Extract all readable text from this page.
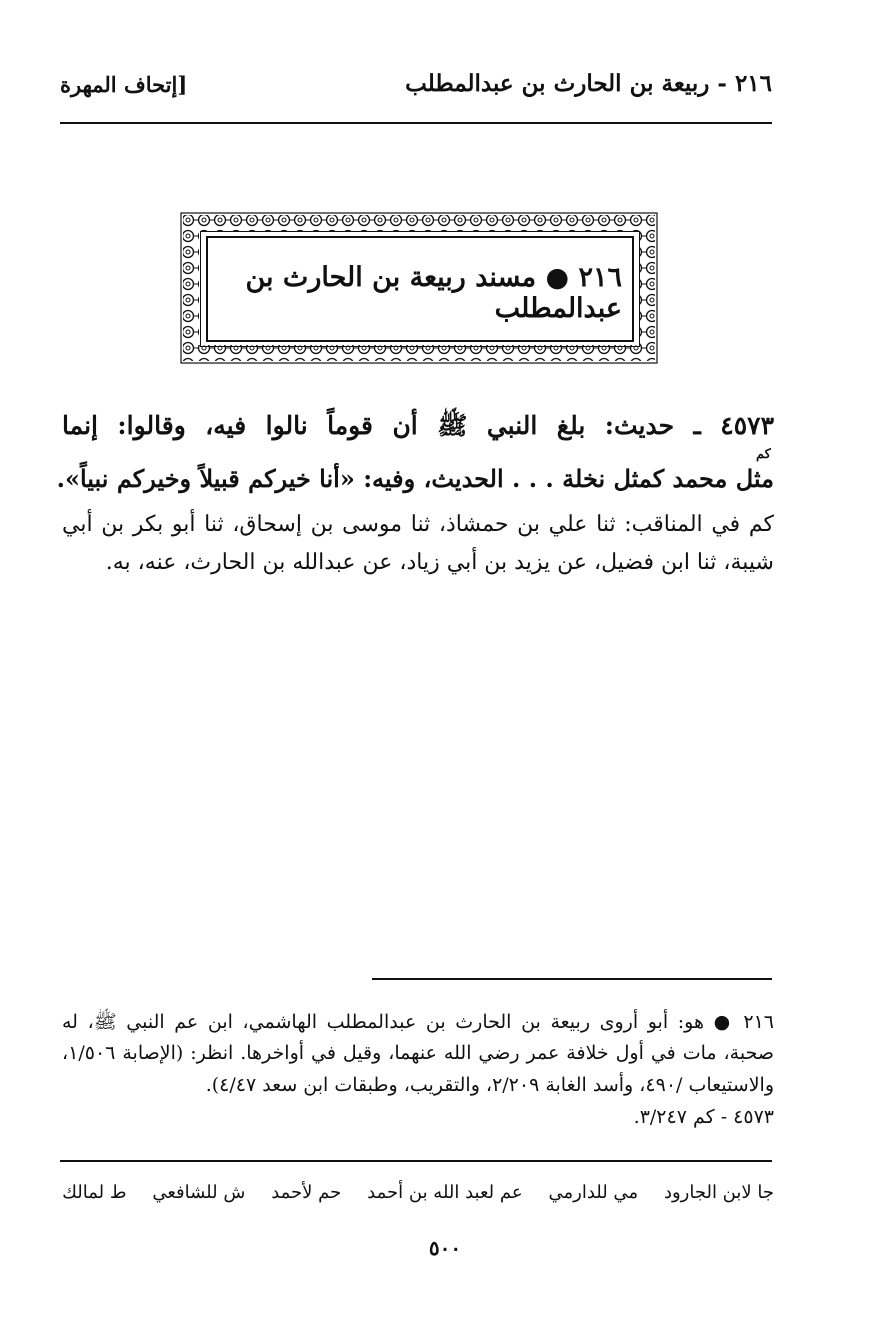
٢١٦ - ربيعة بن الحارث بن عبدالمطلب
[إتحاف المهرة
٢١٦ ● مسند ربيعة بن الحارث بن عبدالمطلب
٤٥٧٣ ـ حديث: بلغ النبي ﷺ أن قوماً نالوا فيه، وقالوا: إنما
كم
مثل محمد كمثل نخلة . . . الحديث، وفيه: «أنا خيركم قبيلاً وخيركم نبياً».
كم في المناقب: ثنا علي بن حمشاذ، ثنا موسى بن إسحاق، ثنا أبو بكر بن أبي
شيبة، ثنا ابن فضيل، عن يزيد بن أبي زياد، عن عبدالله بن الحارث، عنه، به.
٢١٦ ● هو: أبو أروى ربيعة بن الحارث بن عبدالمطلب الهاشمي، ابن عم النبي ﷺ، له
صحبة، مات في أول خلافة عمر رضي الله عنهما، وقيل في أواخرها. انظر: (الإصابة ١/٥٠٦،
والاستيعاب /٤٩٠، وأسد الغابة ٢/٢٠٩، والتقريب، وطبقات ابن سعد ٤/٤٧).
٤٥٧٣ - كم ٣/٢٤٧.
ط لمالك ش للشافعي حم لأحمد عم لعبد الله بن أحمد مي للدارمي جا لابن الجارود
٥٠٠
